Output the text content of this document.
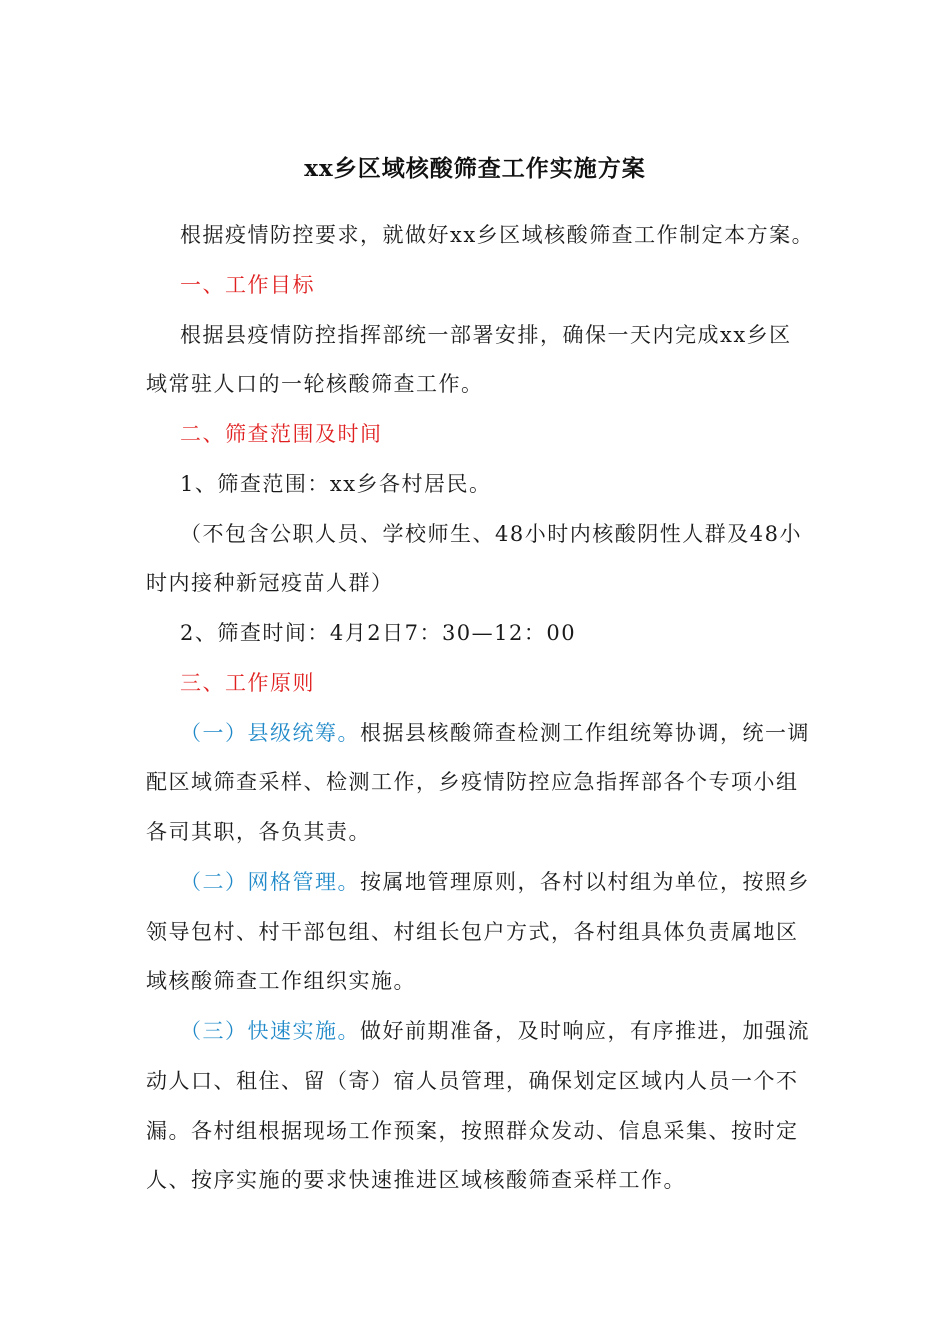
xx乡区域核酸筛查工作实施方案
根据疫情防控要求，就做好xx乡区域核酸筛查工作制定本方案。
一、工作目标
根据县疫情防控指挥部统一部署安排，确保一天内完成xx乡区
域常驻人口的一轮核酸筛查工作。
二、筛查范围及时间
1、筛查范围：xx乡各村居民。
（不包含公职人员、学校师生、48小时内核酸阴性人群及48小
时内接种新冠疫苗人群）
2、筛查时间：4月2日7：30—12：00
三、工作原则
（一）县级统筹。根据县核酸筛查检测工作组统筹协调，统一调
配区域筛查采样、检测工作，乡疫情防控应急指挥部各个专项小组
各司其职，各负其责。
（二）网格管理。按属地管理原则，各村以村组为单位，按照乡
领导包村、村干部包组、村组长包户方式，各村组具体负责属地区
域核酸筛查工作组织实施。
（三）快速实施。做好前期准备，及时响应，有序推进，加强流
动人口、租住、留（寄）宿人员管理，确保划定区域内人员一个不
漏。各村组根据现场工作预案，按照群众发动、信息采集、按时定
人、按序实施的要求快速推进区域核酸筛查采样工作。
